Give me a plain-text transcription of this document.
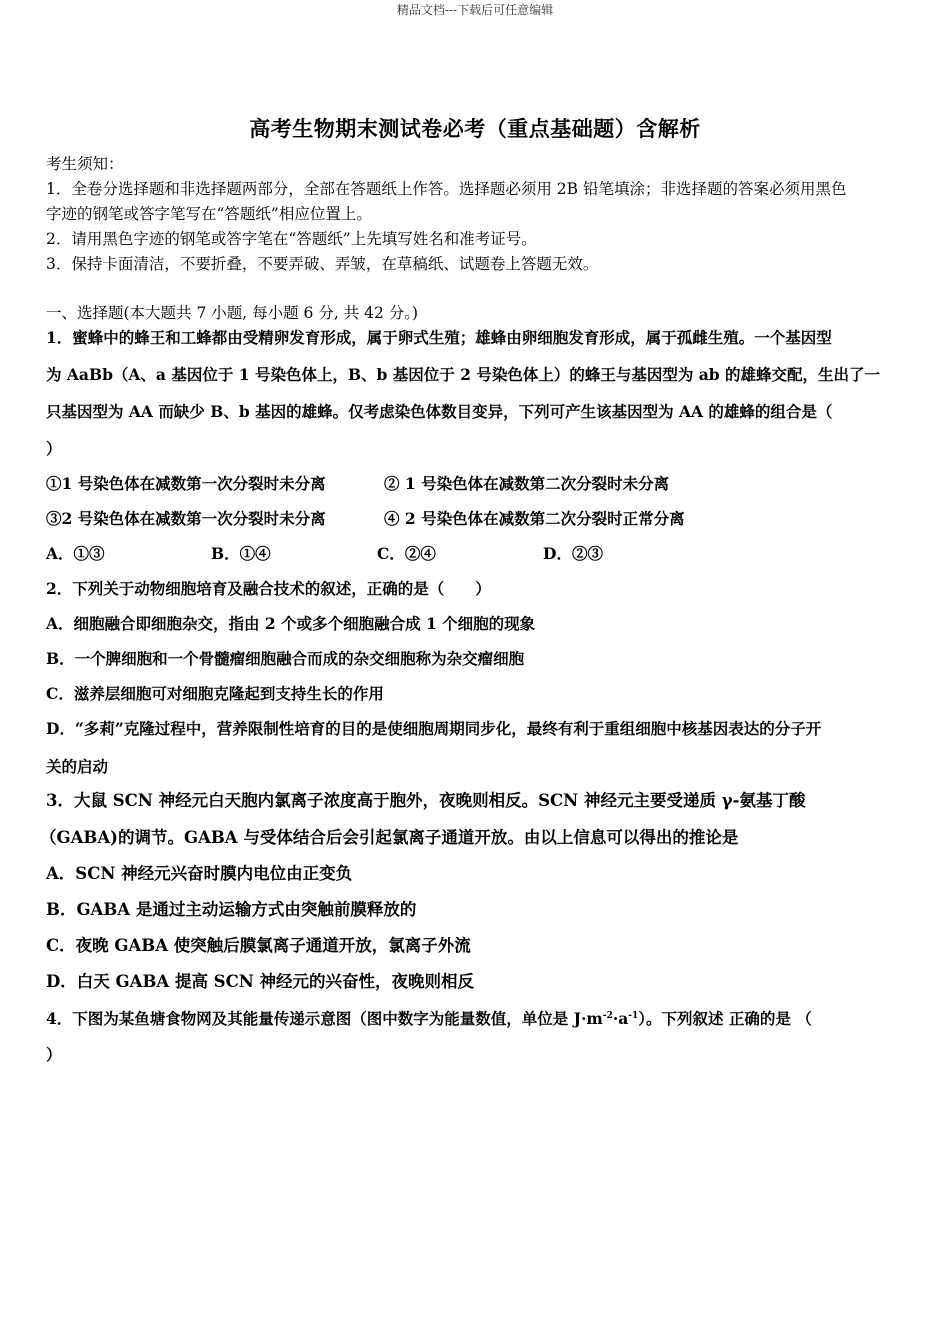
精品文档---下载后可任意编辑
高考生物期末测试卷必考（重点基础题）含解析
考生须知：
1．全卷分选择题和非选择题两部分，全部在答题纸上作答。选择题必须用 2B 铅笔填涂；非选择题的答案必须用黑色
字迹的钢笔或答字笔写在“答题纸”相应位置上。
2．请用黑色字迹的钢笔或答字笔在“答题纸”上先填写姓名和准考证号。
3．保持卡面清洁，不要折叠，不要弄破、弄皱，在草稿纸、试题卷上答题无效。
一、选择题(本大题共 7 小题, 每小题 6 分, 共 42 分。)
1．蜜蜂中的蜂王和工蜂都由受精卵发育形成，属于卵式生殖；雄蜂由卵细胞发育形成，属于孤雌生殖。一个基因型
为 AaBb（A、a 基因位于 1 号染色体上，B、b 基因位于 2 号染色体上）的蜂王与基因型为 ab 的雄蜂交配，生出了一
只基因型为 AA 而缺少 B、b 基因的雄蜂。仅考虑染色体数目变异，下列可产生该基因型为 AA 的雄蜂的组合是（
）
①1 号染色体在减数第一次分裂时未分离	② 1 号染色体在减数第二次分裂时未分离
③2 号染色体在减数第一次分裂时未分离	④ 2 号染色体在减数第二次分裂时正常分离
A．①③	B．①④	C．②④	D．②③
2．下列关于动物细胞培育及融合技术的叙述，正确的是（　　）
A．细胞融合即细胞杂交，指由 2 个或多个细胞融合成 1 个细胞的现象
B．一个脾细胞和一个骨髓瘤细胞融合而成的杂交细胞称为杂交瘤细胞
C．滋养层细胞可对细胞克隆起到支持生长的作用
D．“多莉”克隆过程中，营养限制性培育的目的是使细胞周期同步化，最终有利于重组细胞中核基因表达的分子开
关的启动
3．大鼠 SCN 神经元白天胞内氯离子浓度高于胞外，夜晚则相反。SCN 神经元主要受递质 γ-氨基丁酸
（GABA)的调节。GABA 与受体结合后会引起氯离子通道开放。由以上信息可以得出的推论是
A．SCN 神经元兴奋时膜内电位由正变负
B．GABA 是通过主动运输方式由突触前膜释放的
C．夜晚 GABA 使突触后膜氯离子通道开放，氯离子外流
D．白天 GABA 提高 SCN 神经元的兴奋性，夜晚则相反
4．下图为某鱼塘食物网及其能量传递示意图（图中数字为能量数值，单位是 $J\cdot m^{-2}\cdot a^{-1}$）。下列叙述 正确的是 （
）
